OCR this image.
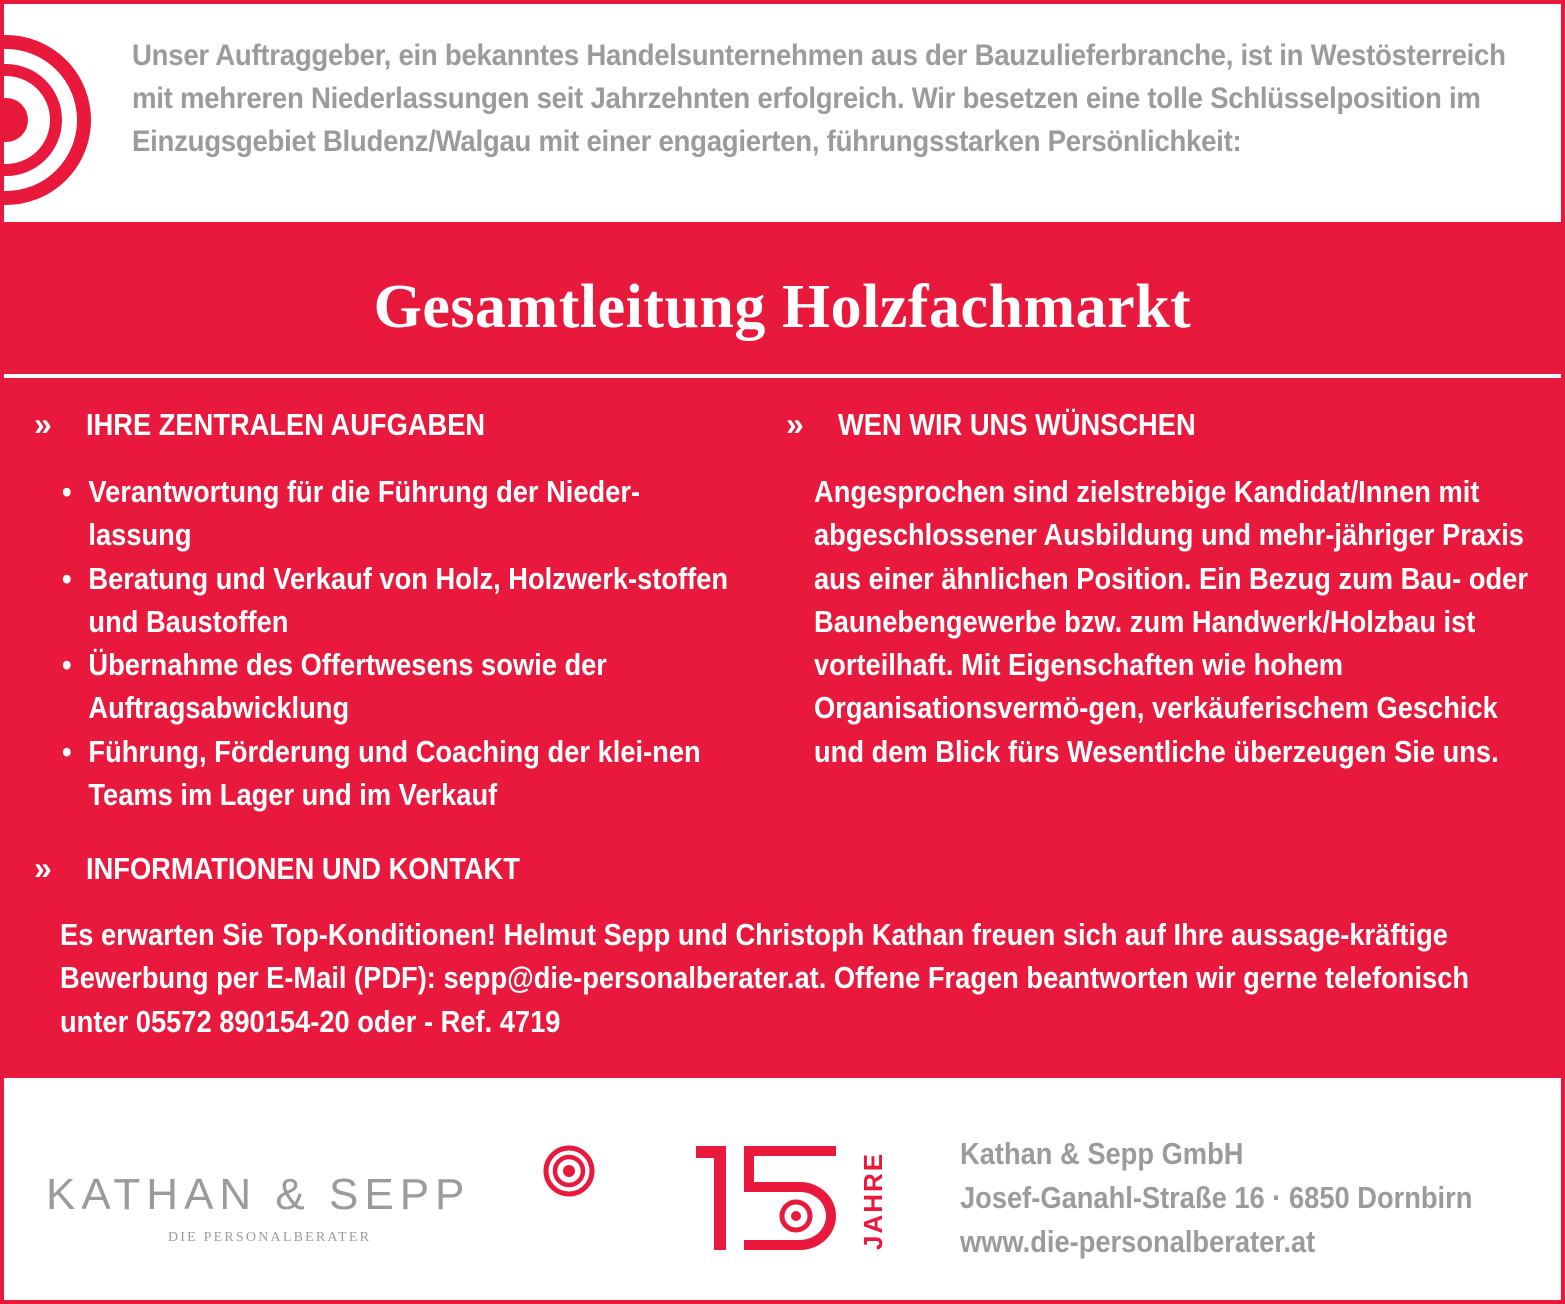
Unser Auftraggeber, ein bekanntes Handelsunternehmen aus der Bauzulieferbranche, ist in Westösterreich mit mehreren Niederlassungen seit Jahrzehnten erfolgreich. Wir besetzen eine tolle Schlüsselposition im Einzugsgebiet Bludenz/Walgau mit einer engagierten, führungsstarken Persönlichkeit:

Gesamtleitung Holzfachmarkt
»	IHRE ZENTRALEN AUFGABEN
• Verantwortung für die Führung der Nieder-lassung
• Beratung und Verkauf von Holz, Holzwerk-stoffen und Baustoffen
• Übernahme des Offertwesens sowie der Auftragsabwicklung
• Führung, Förderung und Coaching der klei-nen Teams im Lager und im Verkauf
»	WEN WIR UNS WÜNSCHEN

Angesprochen sind zielstrebige Kandidat/Innen mit abgeschlossener Ausbildung und mehr-jähriger Praxis aus einer ähnlichen Position. Ein Bezug zum Bau- oder Baunebengewerbe bzw. zum Handwerk/Holzbau ist vorteilhaft. Mit Eigenschaften wie hohem Organisationsvermö-gen, verkäuferischem Geschick und dem Blick fürs Wesentliche überzeugen Sie uns.

»	INFORMATIONEN UND KONTAKT

Es erwarten Sie Top-Konditionen! Helmut Sepp und Christoph Kathan freuen sich auf Ihre aussage-kräftige Bewerbung per E-Mail (PDF): sepp@die-personalberater.at. Offene Fragen beantworten wir gerne telefonisch unter 05572 890154-20 oder - Ref. 4719

KATHAN & SEPP
DIE PERSONALBERATER	JAHRE
15	Kathan & Sepp GmbH
Josef-Ganahl-Straße 16 · 6850 Dornbirn
www.die-personalberater.at
